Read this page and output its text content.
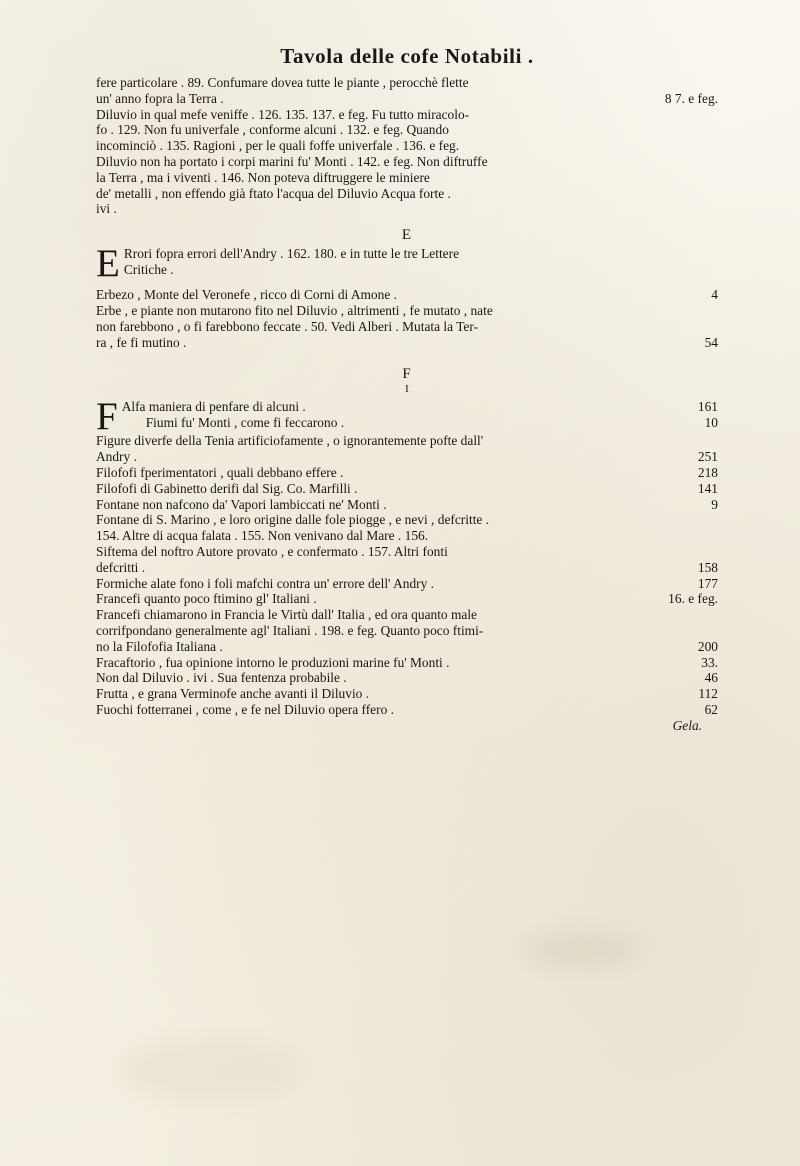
Tavola delle cofe Notabili .
fere particolare . 89. Confumare dovea tutte le piante , perocchè flette
un' anno fopra la Terra .	8 7. e feg.
Diluvio in qual mefe veniffe . 126. 135. 137. e feg. Fu tutto miracolo-
fo . 129. Non fu univerfale , conforme alcuni . 132. e feg. Quando
incominciò . 135. Ragioni , per le quali foffe univerfale . 136. e feg.
Diluvio non ha portato i corpi marini fu' Monti . 142. e feg. Non diftruffe
la Terra , ma i viventi . 146. Non poteva diftruggere le miniere
de' metalli , non effendo già ftato l'acqua del Diluvio Acqua forte .
ivi .
E
E Rrori fopra errori dell'Andry . 162. 180. e in tutte le tre Lettere
Critiche .
Erbezo , Monte del Veronefe , ricco di Corni di Amone .	4
Erbe , e piante non mutarono fito nel Diluvio , altrimenti , fe mutato , nate
non farebbono , o fi farebbono feccate . 50. Vedi Alberi . Mutata la Ter-
ra , fe fi mutino .	54
F
I
F Alfa maniera di penfare di alcuni .	161
Fiumi fu' Monti , come fi feccarono .	10
Figure diverfe della Tenia artificiofamente , o ignorantemente pofte dall'
Andry .	251
Filofofi fperimentatori , quali debbano effere .	218
Filofofi di Gabinetto derifi dal Sig. Co. Marfilli .	141
Fontane non nafcono da' Vapori lambiccati ne' Monti .	9
Fontane di S. Marino , e loro origine dalle fole piogge , e nevi , defcritte .
154. Altre di acqua falata . 155. Non venivano dal Mare . 156.
Siftema del noftro Autore provato , e confermato . 157. Altri fonti
defcritti .	158
Formiche alate fono i foli mafchi contra un' errore dell' Andry .	177
Francefi quanto poco ftimino gl' Italiani .	16. e feg.
Francefi chiamarono in Francia le Virtù dall' Italia , ed ora quanto male
corrifpondano generalmente agl' Italiani . 198. e feg. Quanto poco ftimi-
no la Filofofia Italiana .	200
Fracaftorio , fua opinione intorno le produzioni marine fu' Monti .	33.
Non dal Diluvio . ivi . Sua fentenza probabile .	46
Frutta , e grana Verminofe anche avanti il Diluvio .	112
Fuochi fotterranei , come , e fe nel Diluvio opera ffero .	62
Gela.
